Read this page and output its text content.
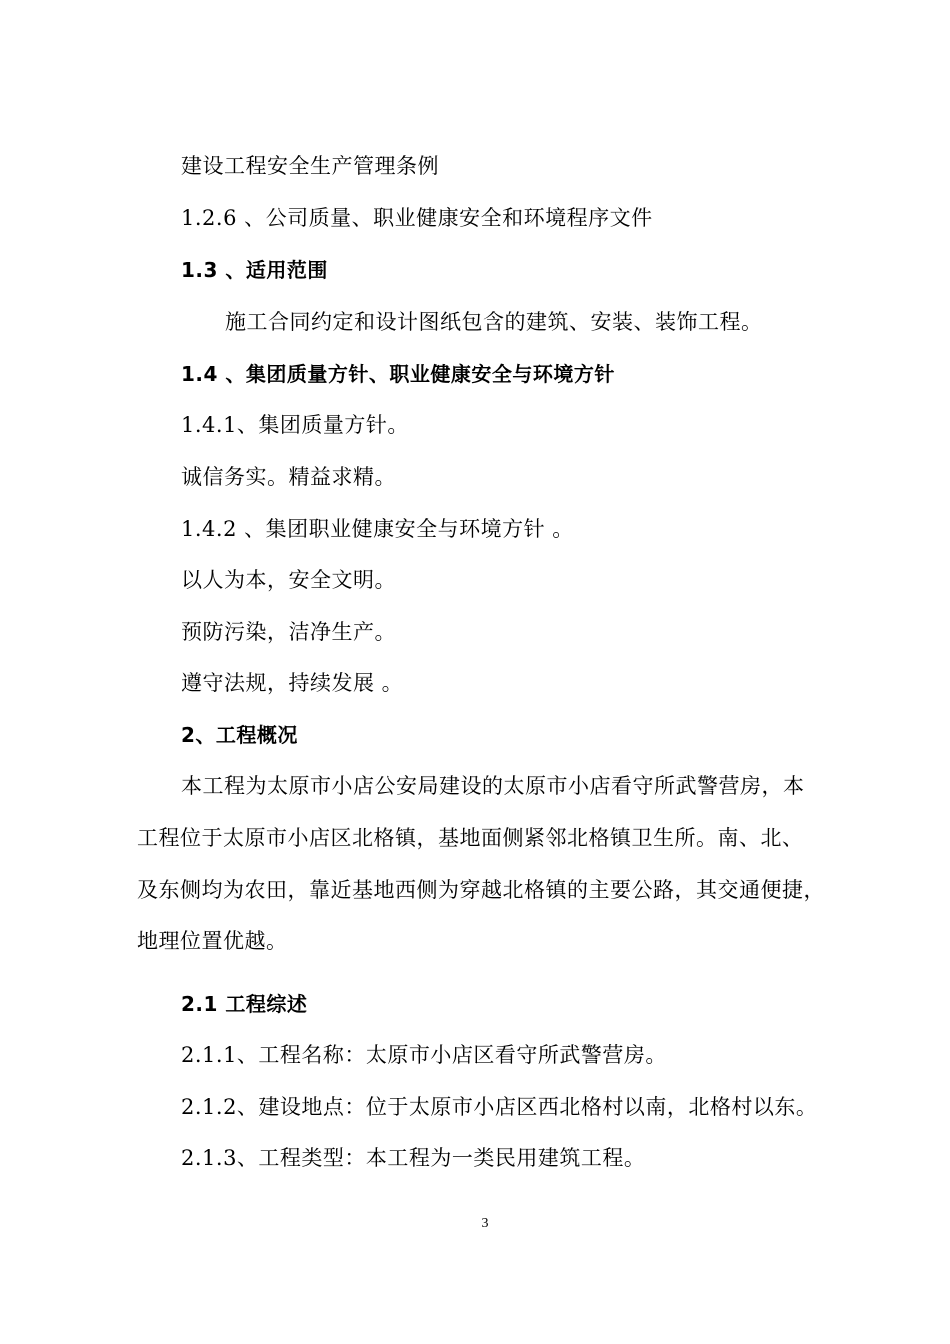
建设工程安全生产管理条例
1.2.6 、公司质量、职业健康安全和环境程序文件
1.3 、适用范围
施工合同约定和设计图纸包含的建筑、安装、装饰工程。
1.4 、集团质量方针、职业健康安全与环境方针
1.4.1、集团质量方针。
诚信务实。精益求精。
1.4.2 、集团职业健康安全与环境方针 。
以人为本，安全文明。
预防污染，洁净生产。
遵守法规，持续发展 。
2、工程概况
本工程为太原市小店公安局建设的太原市小店看守所武警营房，本
工程位于太原市小店区北格镇，基地面侧紧邻北格镇卫生所。南、北、
及东侧均为农田，靠近基地西侧为穿越北格镇的主要公路，其交通便捷，
地理位置优越。
2.1 工程综述
2.1.1、工程名称：太原市小店区看守所武警营房。
2.1.2、建设地点：位于太原市小店区西北格村以南，北格村以东。
2.1.3、工程类型：本工程为一类民用建筑工程。
3
